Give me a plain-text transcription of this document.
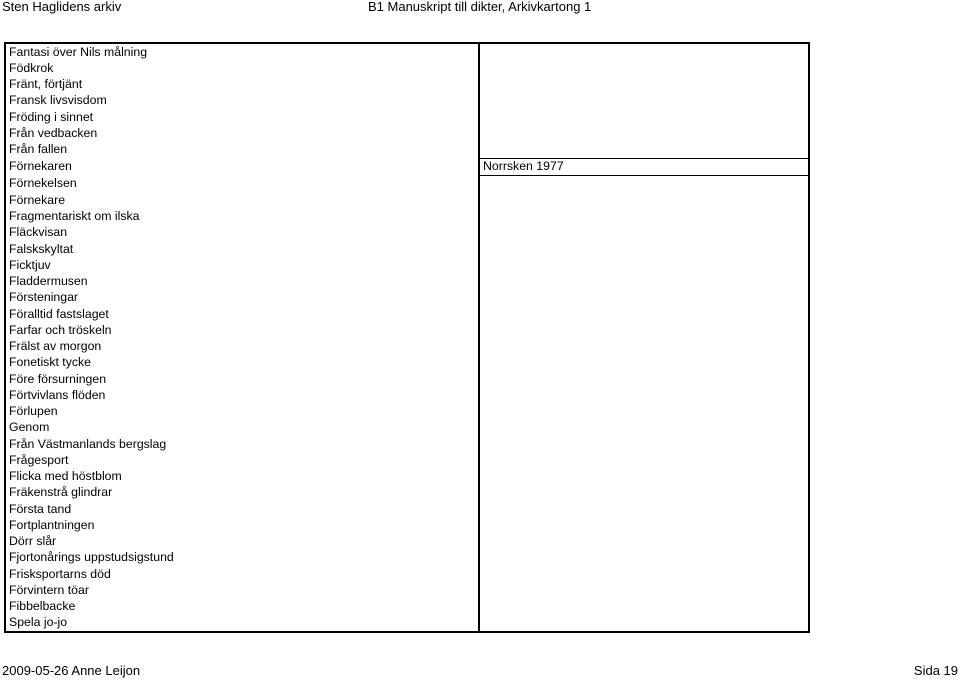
Sten Haglidens arkiv	B1 Manuskript till dikter, Arkivkartong 1
Fantasi över Nils målning	
Födkrok	
Fränt, förtjänt	
Fransk livsvisdom	
Fröding i sinnet	
Från vedbacken	
Från fallen	
Förnekaren	Norrsken 1977
Förnekelsen	
Förnekare	
Fragmentariskt om ilska	
Fläckvisan	
Falskskyltat	
Ficktjuv	
Fladdermusen	
Försteningar	
Föralltid fastslaget	
Farfar och tröskeln	
Frälst av morgon	
Fonetiskt tycke	
Före försurningen	
Förtvivlans flöden	
Förlupen	
Genom	
Från Västmanlands bergslag	
Frågesport	
Flicka med höstblom	
Fräkenstrå glindrar	
Första tand	
Fortplantningen	
Dörr slår	
Fjortonårings uppstudsigstund	
Frisksportarns död	
Förvintern töar	
Fibbelbacke	
Spela jo-jo	
2009-05-26 Anne Leijon	Sida 19
